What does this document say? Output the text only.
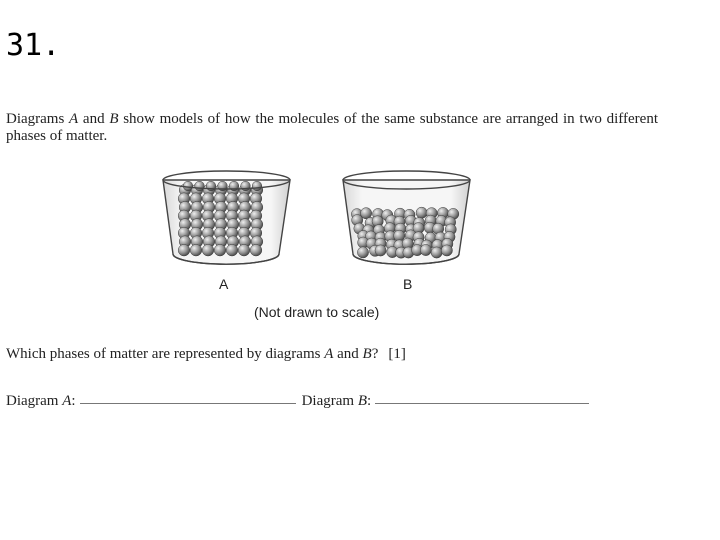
31.
Diagrams A and B show models of how the molecules of the same substance are arranged in two different phases of matter.
A	B
(Not drawn to scale)
Which phases of matter are represented by diagrams A and B? [1]
Diagram A:	Diagram B:
